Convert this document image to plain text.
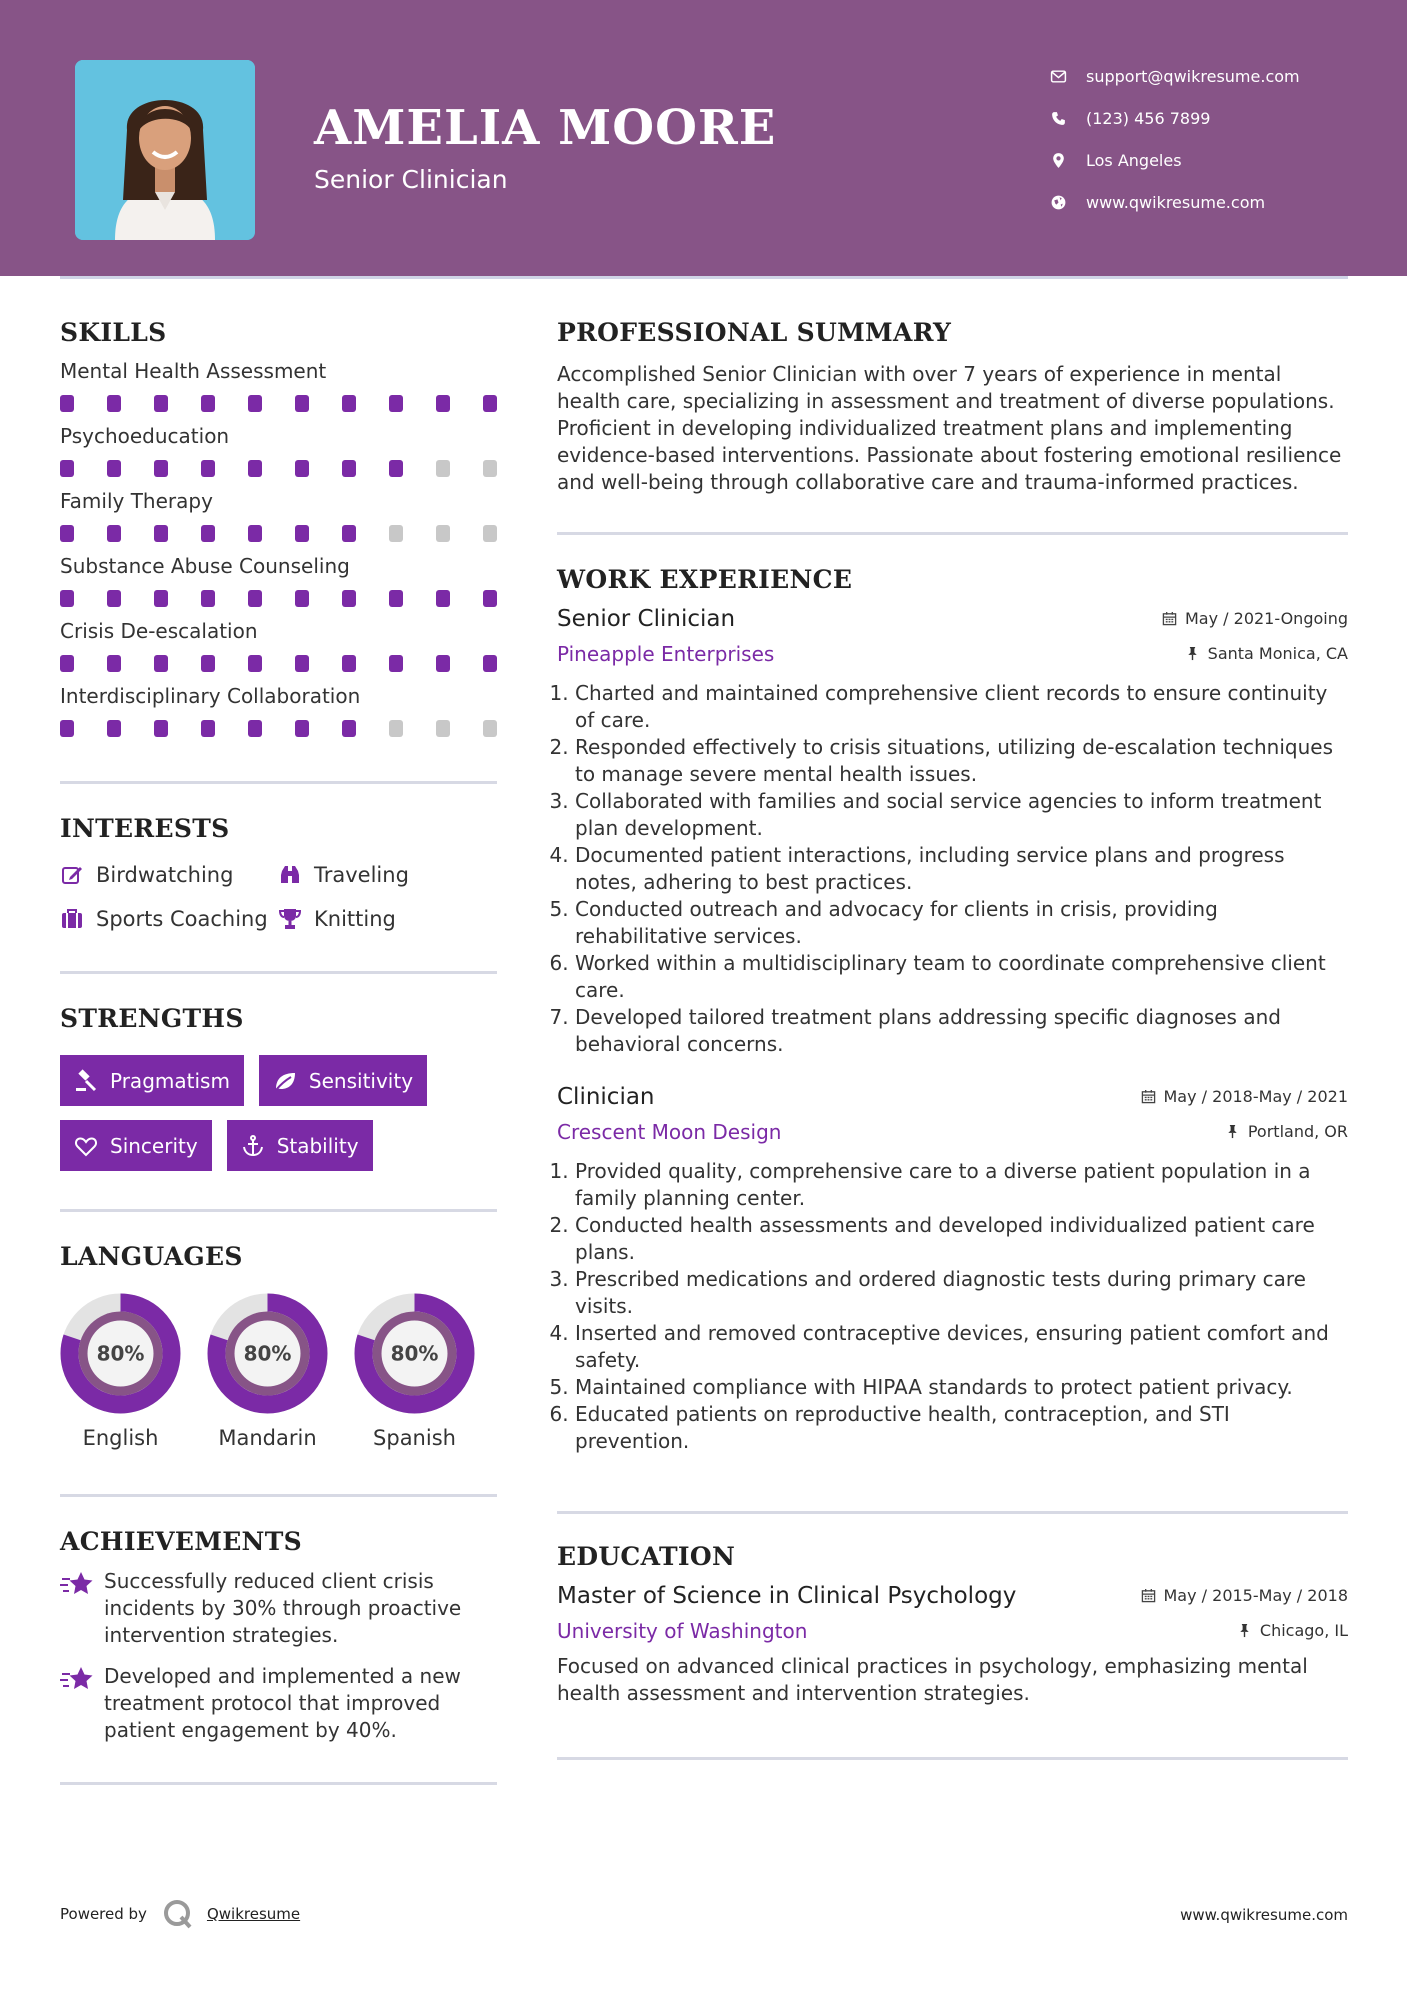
AMELIA MOORE
Senior Clinician
support@qwikresume.com
(123) 456 7899
Los Angeles
www.qwikresume.com
SKILLS
Mental Health Assessment
Psychoeducation
Family Therapy
Substance Abuse Counseling
Crisis De-escalation
Interdisciplinary Collaboration
INTERESTS
Birdwatching	Traveling
Sports Coaching Knitting
STRENGTHS
Pragmatism	Sensitivity
Sincerity	Stability
LANGUAGES
80%
English
80%
Mandarin
80%
Spanish
ACHIEVEMENTS
Successfully reduced client crisis incidents by 30% through proactive intervention strategies.
Developed and implemented a new treatment protocol that improved patient engagement by 40%.
PROFESSIONAL SUMMARY
Accomplished Senior Clinician with over 7 years of experience in mental health care, specializing in assessment and treatment of diverse populations. Proficient in developing individualized treatment plans and implementing evidence-based interventions. Passionate about fostering emotional resilience and well-being through collaborative care and trauma-informed practices.
WORK EXPERIENCE
Senior Clinician	May / 2021-Ongoing
Pineapple Enterprises	Santa Monica, CA
1. Charted and maintained comprehensive client records to ensure continuity of care.
2. Responded effectively to crisis situations, utilizing de-escalation techniques to manage severe mental health issues.
3. Collaborated with families and social service agencies to inform treatment plan development.
4. Documented patient interactions, including service plans and progress notes, adhering to best practices.
5. Conducted outreach and advocacy for clients in crisis, providing rehabilitative services.
6. Worked within a multidisciplinary team to coordinate comprehensive client care.
7. Developed tailored treatment plans addressing specific diagnoses and behavioral concerns.
Clinician	May / 2018-May / 2021
Crescent Moon Design	Portland, OR
1. Provided quality, comprehensive care to a diverse patient population in a family planning center.
2. Conducted health assessments and developed individualized patient care plans.
3. Prescribed medications and ordered diagnostic tests during primary care visits.
4. Inserted and removed contraceptive devices, ensuring patient comfort and safety.
5. Maintained compliance with HIPAA standards to protect patient privacy.
6. Educated patients on reproductive health, contraception, and STI prevention.
EDUCATION
Master of Science in Clinical Psychology	May / 2015-May / 2018
University of Washington	Chicago, IL
Focused on advanced clinical practices in psychology, emphasizing mental health assessment and intervention strategies.
Powered by	Qwikresume	www.qwikresume.com
